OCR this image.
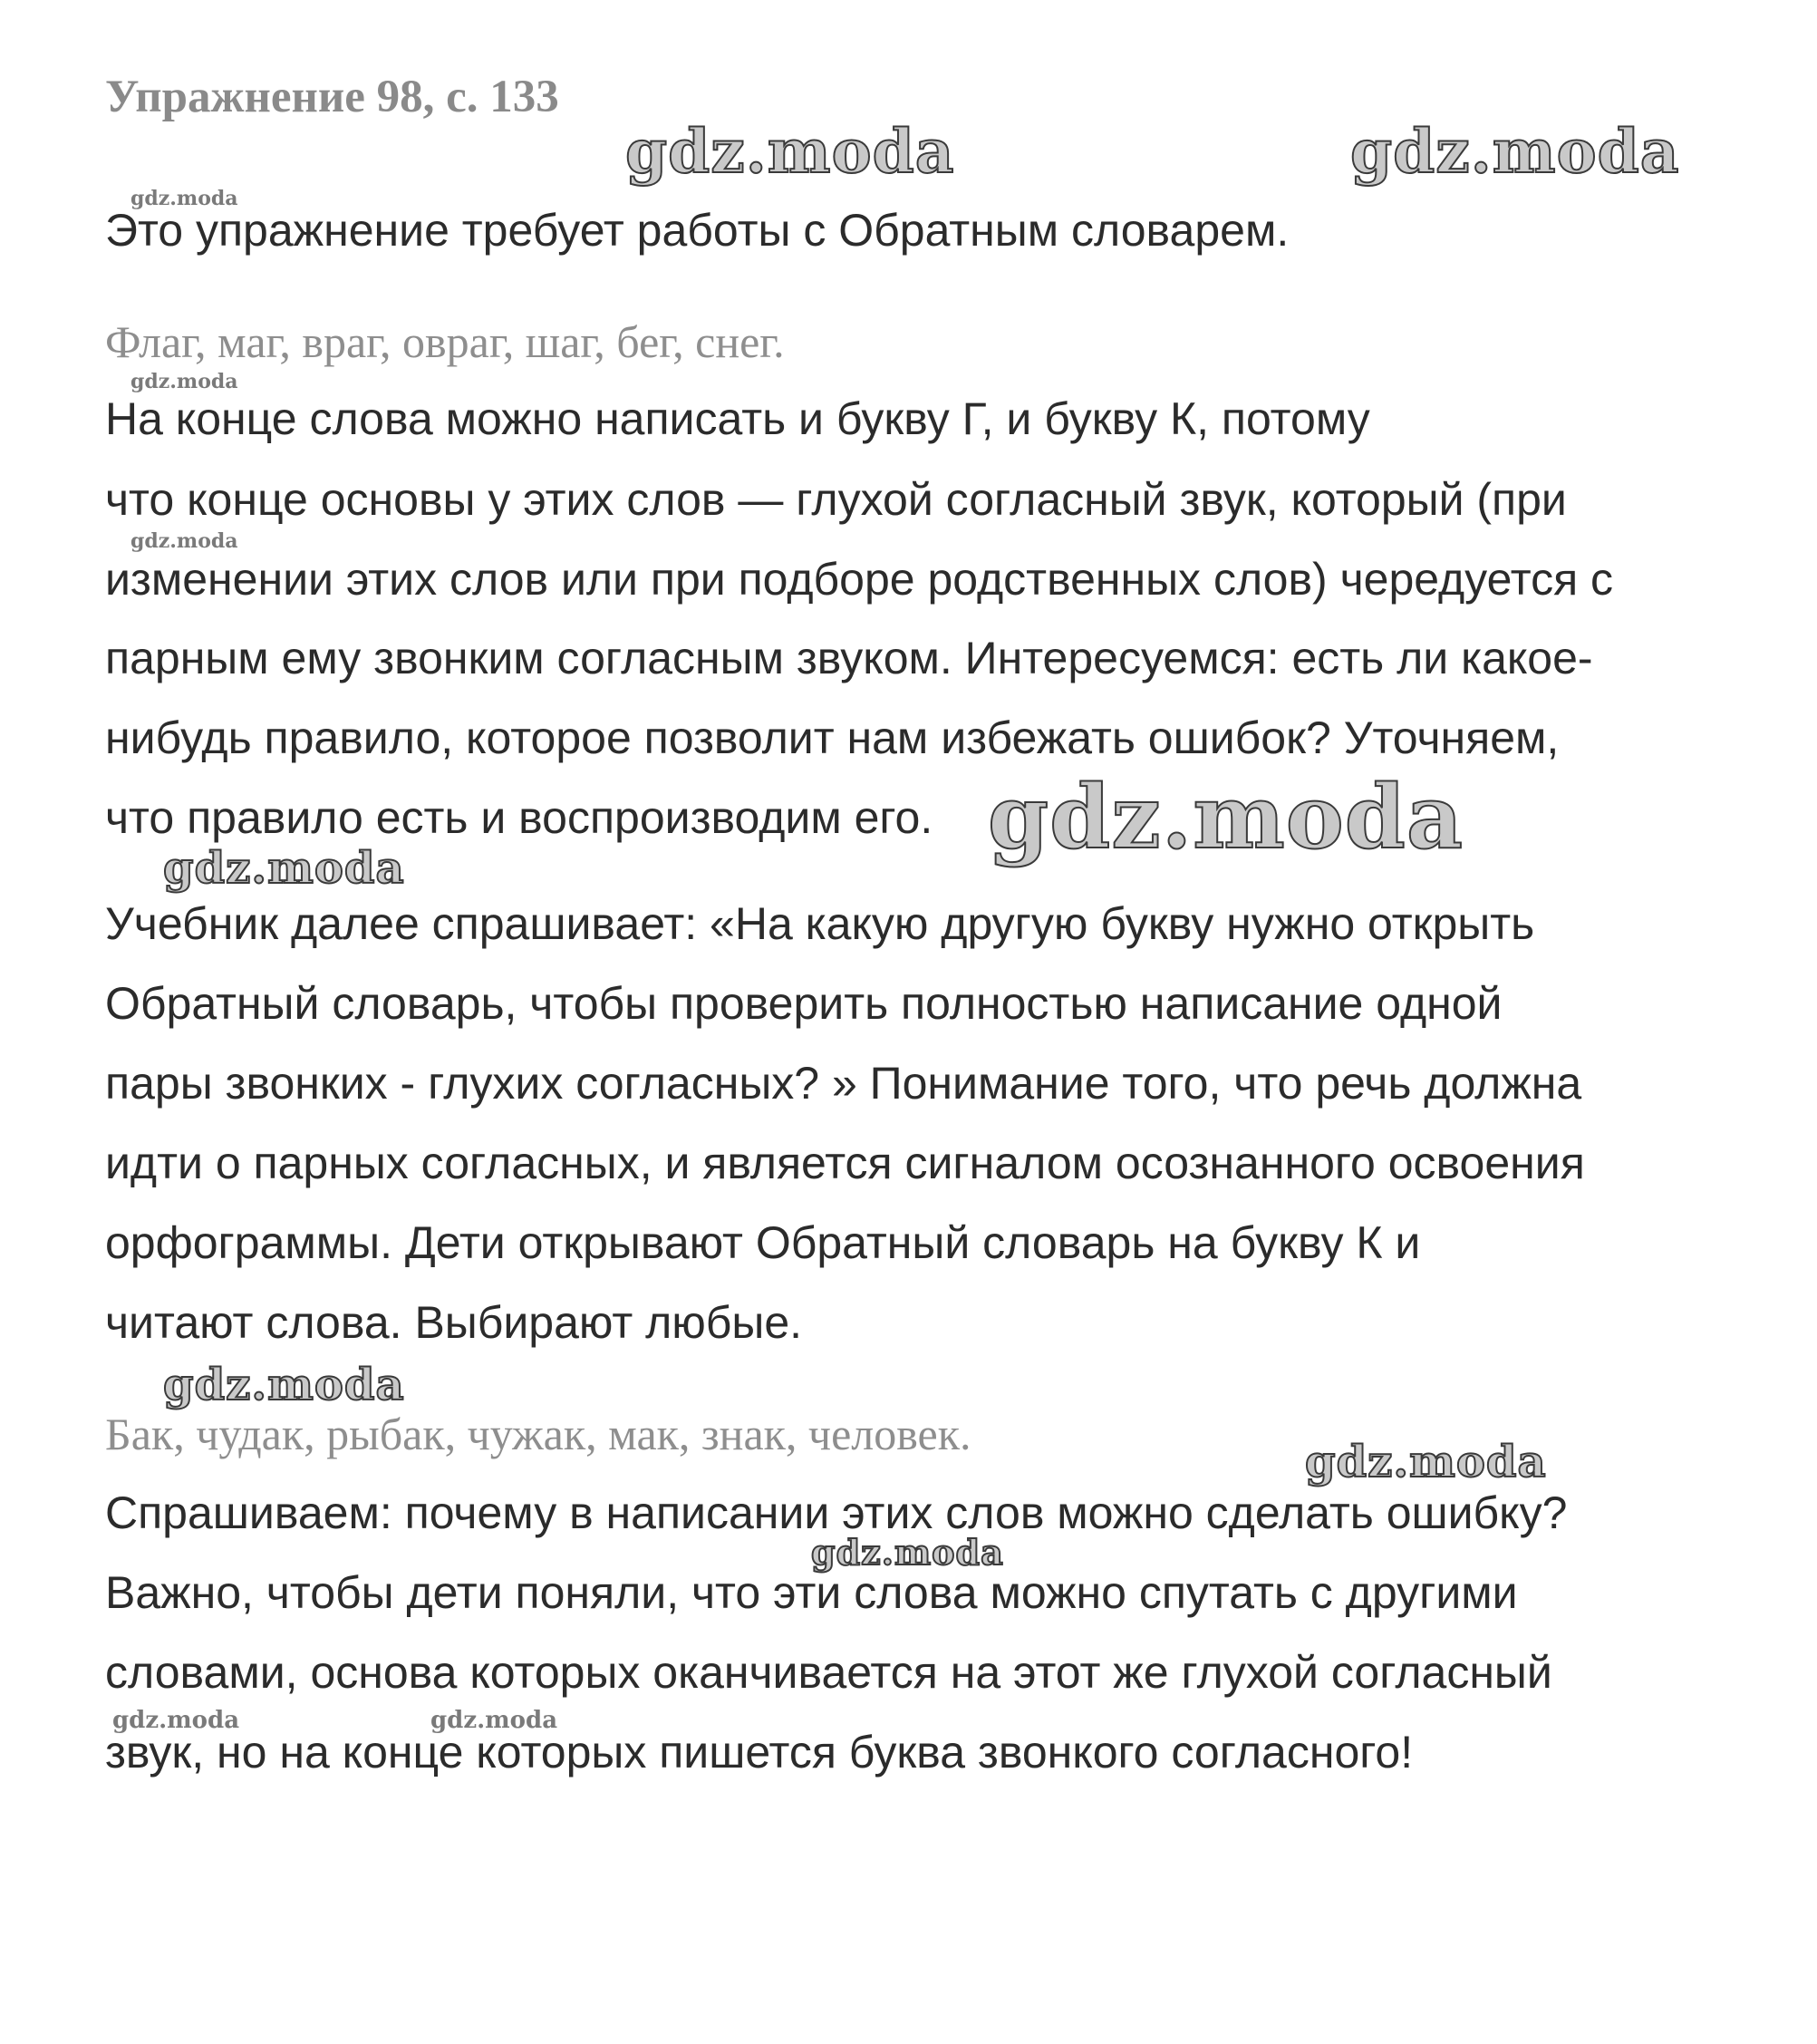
Упражнение 98, с. 133
Это упражнение требует работы с Обратным словарем.
Флаг, маг, враг, овраг, шаг, бег, снег.
На конце слова можно написать и букву Г, и букву К, потому
что конце основы у этих слов — глухой согласный звук, который (при
изменении этих слов или при подборе родственных слов) чередуется с
парным ему звонким согласным звуком. Интересуемся: есть ли какое-
нибудь правило, которое позволит нам избежать ошибок? Уточняем,
что правило есть и воспроизводим его.
Учебник далее спрашивает: «На какую другую букву нужно открыть
Обратный словарь, чтобы проверить полностью написание одной
пары звонких - глухих согласных? » Понимание того, что речь должна
идти о парных согласных, и является сигналом осознанного освоения
орфограммы. Дети открывают Обратный словарь на букву К и
читают слова. Выбирают любые.
Бак, чудак, рыбак, чужак, мак, знак, человек.
Спрашиваем: почему в написании этих слов можно сделать ошибку?
Важно, чтобы дети поняли, что эти слова можно спутать с другими
словами, основа которых оканчивается на этот же глухой согласный
звук, но на конце которых пишется буква звонкого согласного!
gdz.moda	gdz.moda
gdz.moda
gdz.moda
gdz.moda
gdz.moda
gdz.moda
gdz.moda
gdz.moda
gdz.moda
gdz.moda	gdz.moda
